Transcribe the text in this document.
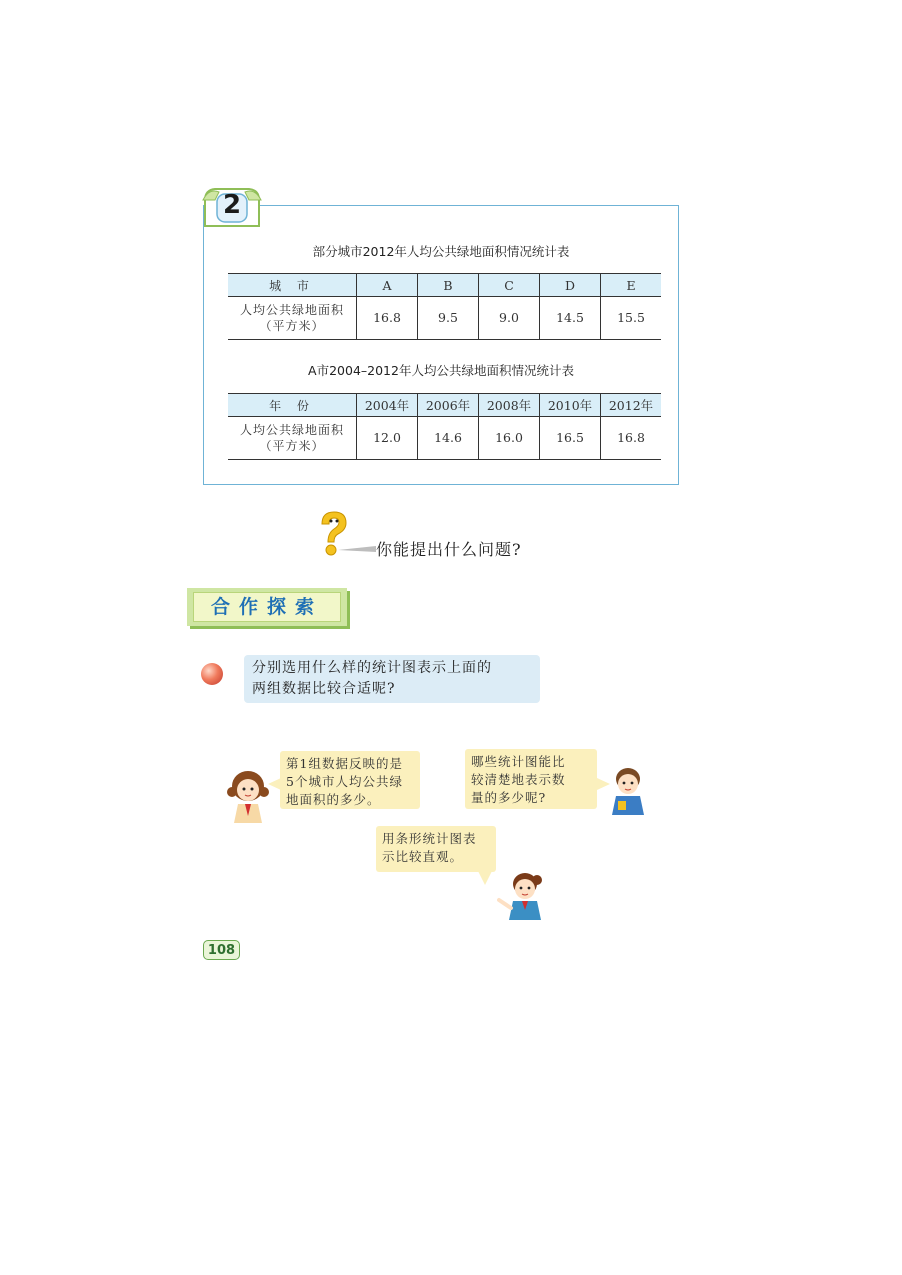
部分城市2012年人均公共绿地面积情况统计表
城 市	A	B	C	D	E

人均公共绿地面积
（平方米）	16.8	9.5	9.0	14.5	15.5
A市2004–2012年人均公共绿地面积情况统计表
年 份	2004年	2006年	2008年	2010年	2012年

人均公共绿地面积
（平方米）	12.0	14.6	16.0	16.5	16.8
2
你能提出什么问题?
合作探索
分别选用什么样的统计图表示上面的
两组数据比较合适呢?
第1组数据反映的是
5个城市人均公共绿
地面积的多少。
哪些统计图能比
较清楚地表示数
量的多少呢?
用条形统计图表
示比较直观。
108
